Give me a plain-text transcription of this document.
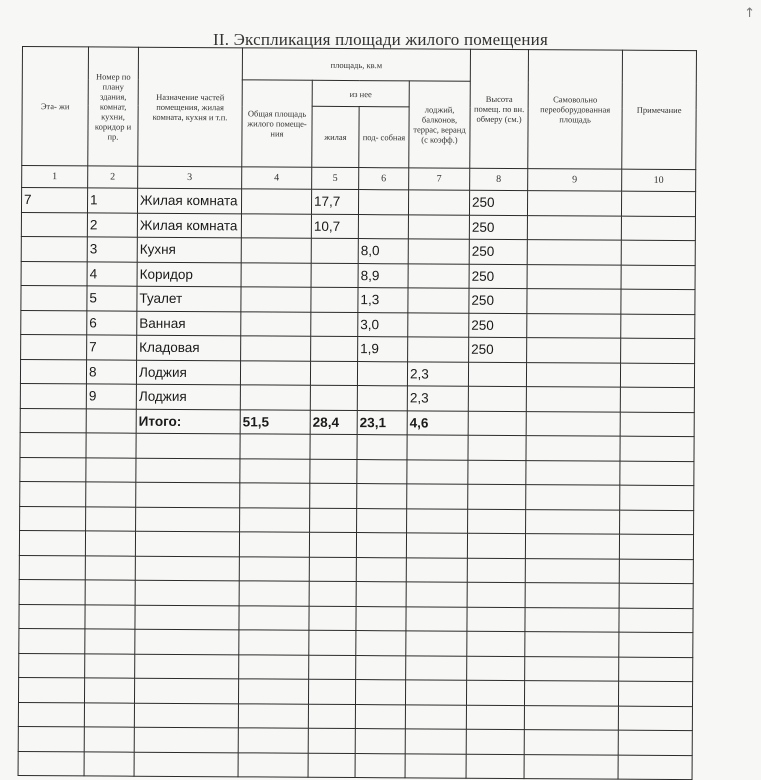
II. Экспликация площади жилого помещения
↑
Эта- жи	Номер по плану здания, комнат, кухни, коридор и пр.	Назначение частей помещения, жилая комната, кухня и т.п.	площадь, кв.м				Высота помещ. по вн. обмеру (см.)	Самовольно переоборудованная площадь	Примечание
			Общая площадь жилого помеще- ния	из нее		лоджий, балконов, террас, веранд (с коэфф.)			
				жилая	под- собная				
1	2	3	4	5	6	7	8	9	10
7	1	Жилая комната		17,7			250		
	2	Жилая комната		10,7			250		
	3	Кухня			8,0		250		
	4	Коридор			8,9		250		
	5	Туалет			1,3		250		
	6	Ванная			3,0		250		
	7	Кладовая			1,9		250		
	8	Лоджия				2,3			
	9	Лоджия				2,3			
		Итого:	51,5	28,4	23,1	4,6			
